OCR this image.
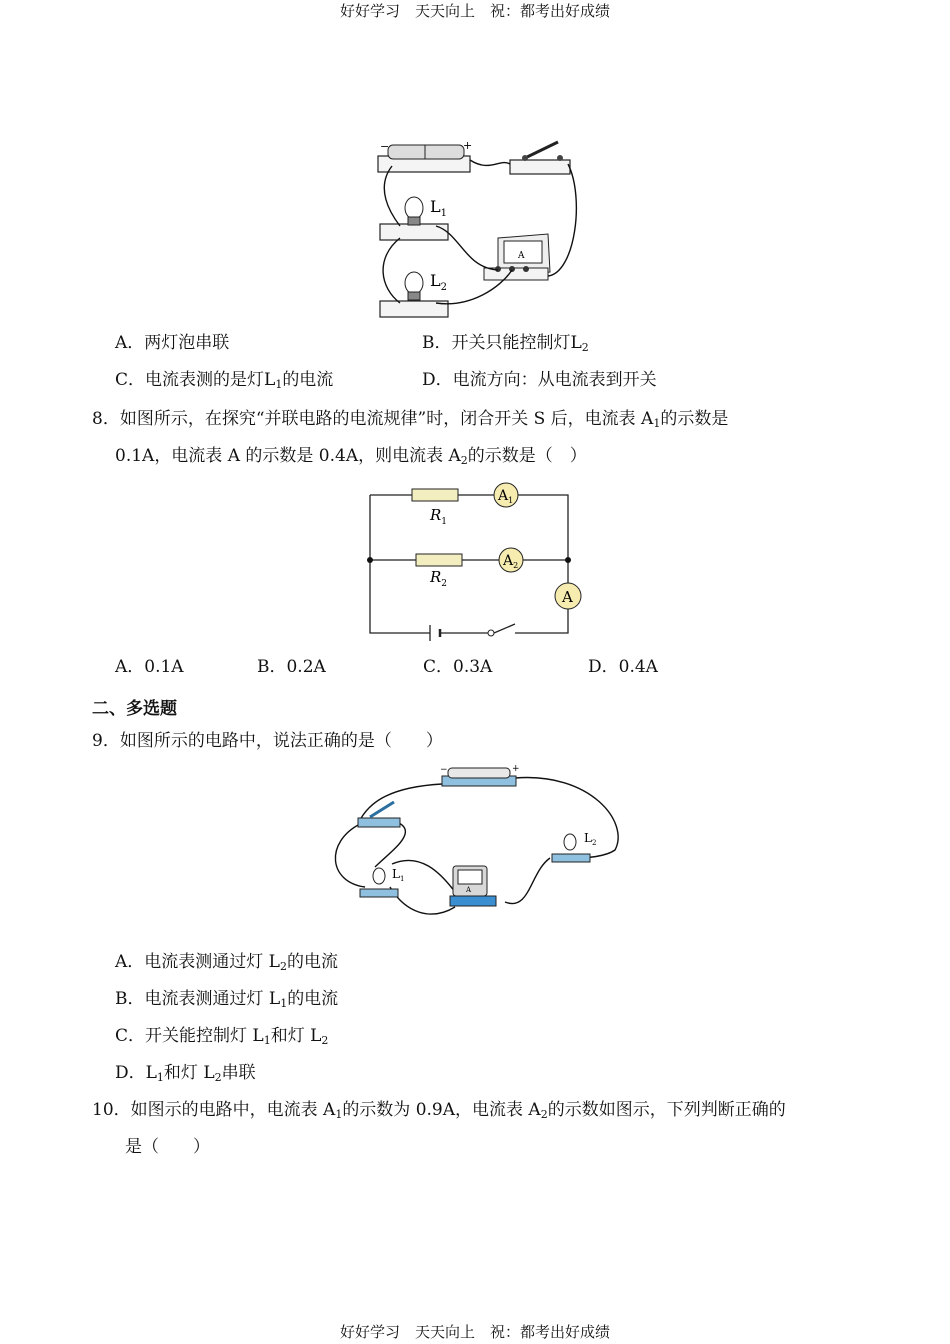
好好学习　天天向上　祝：都考出好成绩
好好学习　天天向上　祝：都考出好成绩
−	+
$L_1$
$L_2$
A
A．两灯泡串联	B．开关只能控制灯$L_2$
C．电流表测的是灯$L_1$的电流	D．电流方向：从电流表到开关
8．如图所示，在探究“并联电路的电流规律”时，闭合开关 S 后，电流表 $A_1$的示数是
0.1A，电流表 A 的示数是 0.4A，则电流表 $A_2$的示数是（　）
$R_1$
$R_2$
$A_1$
$A_2$
A
A．0.1A	B．0.2A	C．0.3A	D．0.4A
二、多选题
9．如图所示的电路中，说法正确的是（　　）
−	+
$L_1$
$L_2$
A
A．电流表测通过灯 $L_2$的电流
B．电流表测通过灯 $L_1$的电流
C．开关能控制灯 $L_1$和灯 $L_2$
D．$L_1$和灯 $L_2$串联
10．如图示的电路中，电流表 $A_1$的示数为 0.9A，电流表 $A_2$的示数如图示，下列判断正确的
是（　　）
